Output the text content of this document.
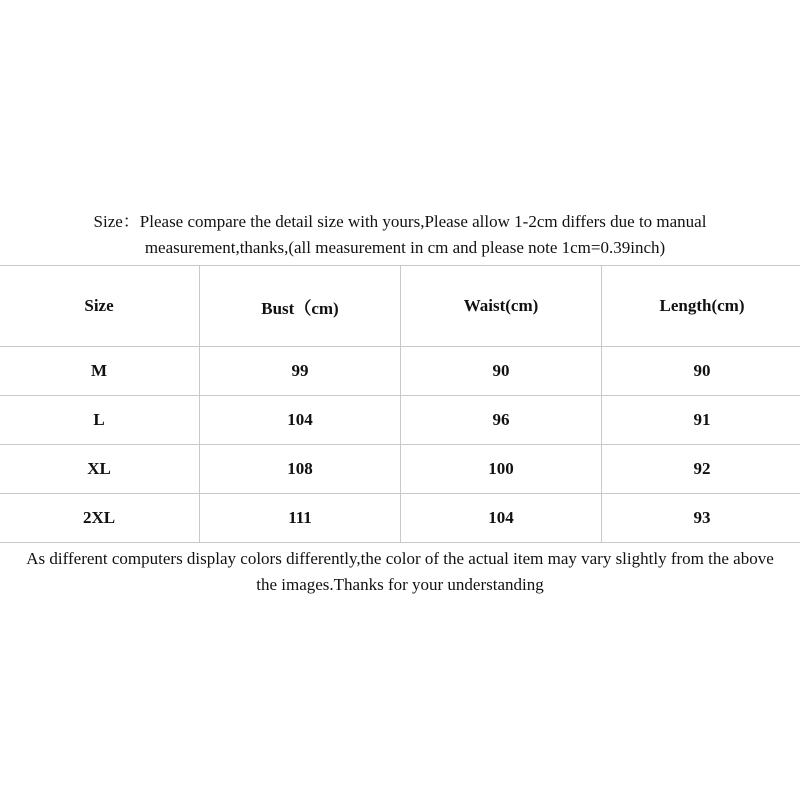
Size：Please compare the detail size with yours,Please allow 1-2cm differs due to manual
measurement,thanks,(all measurement in cm and please note 1cm=0.39inch)
Size	Bust（cm)	Waist(cm)	Length(cm)
M	99	90	90
L	104	96	91
XL	108	100	92
2XL	111	104	93
As different computers display colors differently,the color of the actual item may vary slightly from the above
the images.Thanks for your understanding
